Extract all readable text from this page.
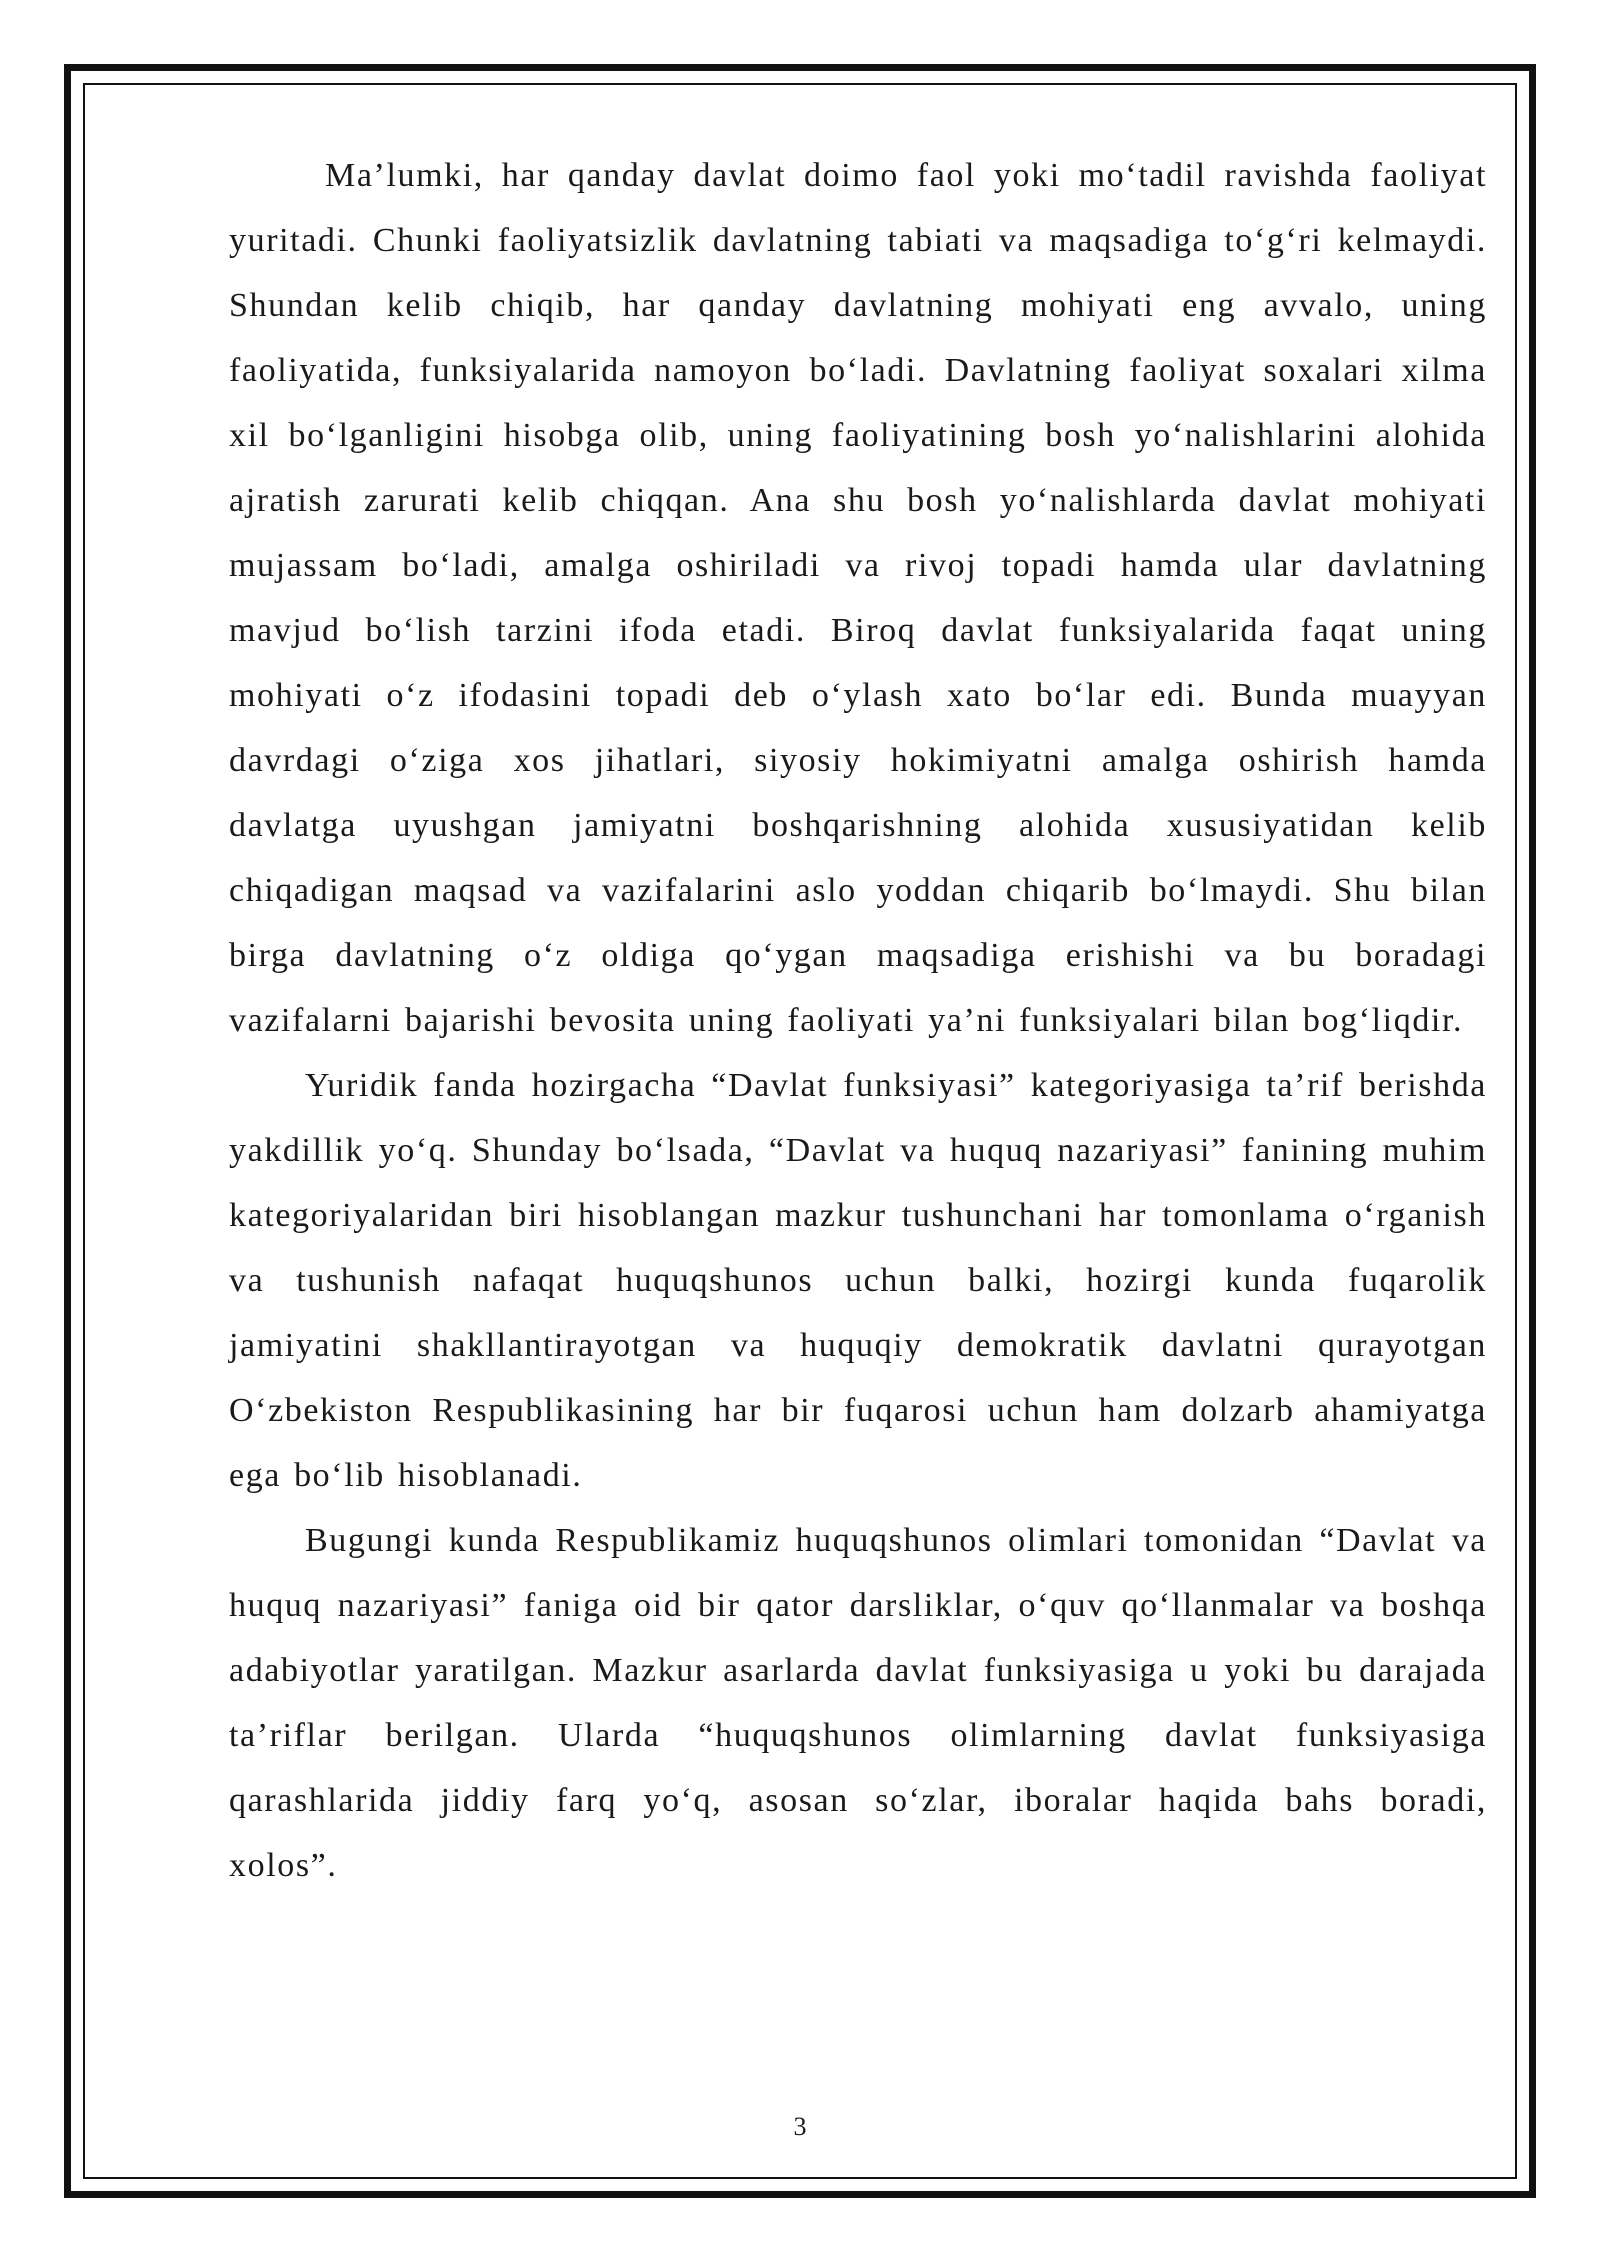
Ma’lumki, har qanday davlat doimo faol yoki mo‘tadil ravishda faoliyat yuritadi. Chunki faoliyatsizlik davlatning tabiati va maqsadiga to‘g‘ri kelmaydi. Shundan kelib chiqib, har qanday davlatning mohiyati eng avvalo, uning faoliyatida, funksiyalarida namoyon bo‘ladi. Davlatning faoliyat soxalari xilma xil bo‘lganligini hisobga olib, uning faoliyatining bosh yo‘nalishlarini alohida ajratish zarurati kelib chiqqan. Ana shu bosh yo‘nalishlarda davlat mohiyati mujassam bo‘ladi, amalga oshiriladi va rivoj topadi hamda ular davlatning mavjud bo‘lish tarzini ifoda etadi. Biroq davlat funksiyalarida faqat uning mohiyati o‘z ifodasini topadi deb o‘ylash xato bo‘lar edi. Bunda muayyan davrdagi o‘ziga xos jihatlari, siyosiy hokimiyatni amalga oshirish hamda davlatga uyushgan jamiyatni boshqarishning alohida xususiyatidan kelib chiqadigan maqsad va vazifalarini aslo yoddan chiqarib bo‘lmaydi. Shu bilan birga davlatning o‘z oldiga qo‘ygan maqsadiga erishishi va bu boradagi vazifalarni bajarishi bevosita uning faoliyati ya’ni funksiyalari bilan bog‘liqdir.

Yuridik fanda hozirgacha “Davlat funksiyasi” kategoriyasiga ta’rif berishda yakdillik yo‘q. Shunday bo‘lsada, “Davlat va huquq nazariyasi” fanining muhim kategoriyalaridan biri hisoblangan mazkur tushunchani har tomonlama o‘rganish va tushunish nafaqat huquqshunos uchun balki, hozirgi kunda fuqarolik jamiyatini shakllantirayotgan va huquqiy demokratik davlatni qurayotgan O‘zbekiston Respublikasining har bir fuqarosi uchun ham dolzarb ahamiyatga ega bo‘lib hisoblanadi.

Bugungi kunda Respublikamiz huquqshunos olimlari tomonidan “Davlat va huquq nazariyasi” faniga oid bir qator darsliklar, o‘quv qo‘llanmalar va boshqa adabiyotlar yaratilgan. Mazkur asarlarda davlat funksiyasiga u yoki bu darajada ta’riflar berilgan. Ularda “huquqshunos olimlarning davlat funksiyasiga qarashlarida jiddiy farq yo‘q, asosan so‘zlar, iboralar haqida bahs boradi, xolos”.

3
